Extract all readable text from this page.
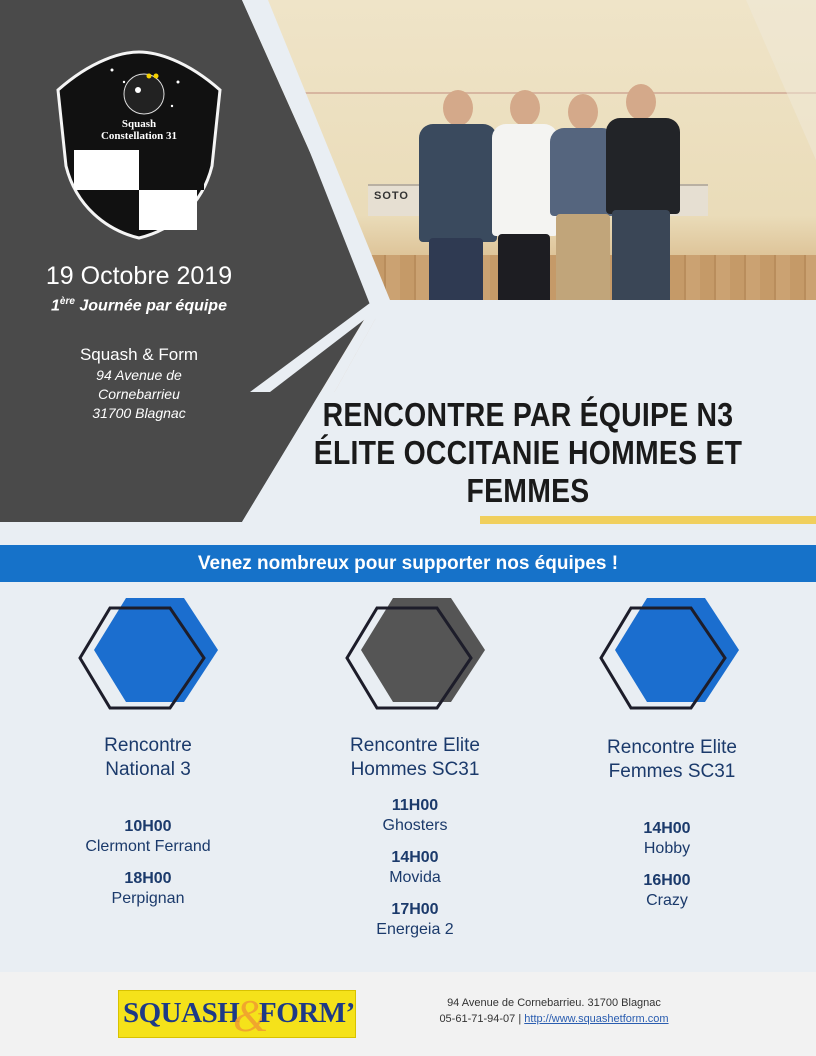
SOTO
Squash
Constellation 31
19 Octobre 2019
1ère Journée par équipe
Squash & Form
94 Avenue de
Cornebarrieu
31700 Blagnac	RENCONTRE PAR ÉQUIPE N3
ÉLITE OCCITANIE HOMMES ET
FEMMES
Venez nombreux pour supporter nos équipes !
Rencontre
National 3
10H00
Clermont Ferrand
18H00
Perpignan
Rencontre Elite
Hommes SC31
11H00
Ghosters
14H00
Movida
17H00
Energeia 2
Rencontre Elite
Femmes SC31
14H00
Hobby
16H00
Crazy
SQUASH
&
FORM’	94 Avenue de Cornebarrieu. 31700 Blagnac
05-61-71-94-07 | http://www.squashetform.com
